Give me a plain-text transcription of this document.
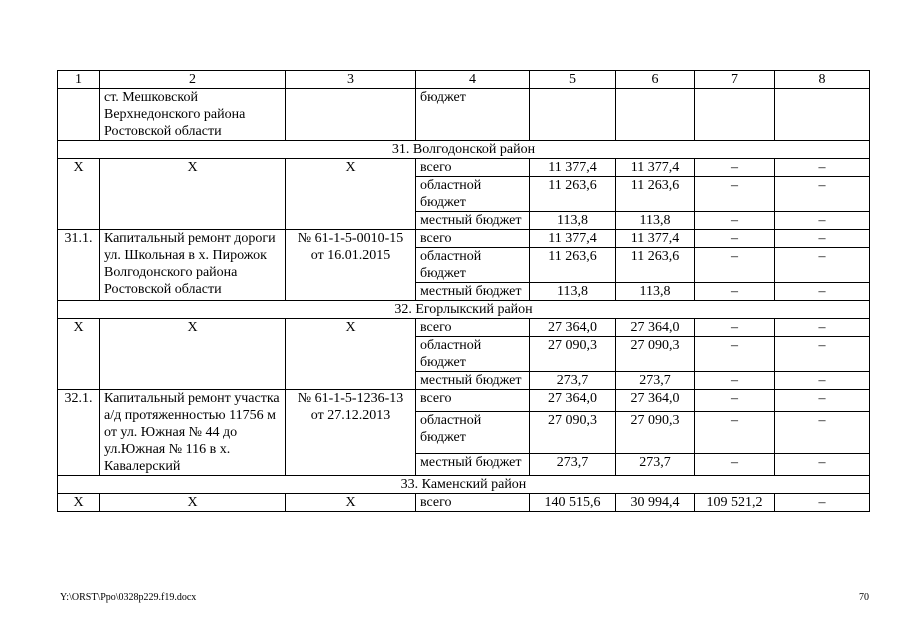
1	2	3	4	5	6	7	8
	ст. Мешковской Верхнедонского района Ростовской области		бюджет				
31. Волгодонской район							
Х	Х	Х	всего	11 377,4	11 377,4	–	–
			областной бюджет	11 263,6	11 263,6	–	–
			местный бюджет	113,8	113,8	–	–
31.1.	Капитальный ремонт дороги ул. Школьная в х. Пирожок Волгодонского района Ростовской области	№ 61-1-5-0010-15 от 16.01.2015	всего	11 377,4	11 377,4	–	–
			областной бюджет	11 263,6	11 263,6	–	–
			местный бюджет	113,8	113,8	–	–
32. Егорлыкский район							
Х	Х	Х	всего	27 364,0	27 364,0	–	–
			областной бюджет	27 090,3	27 090,3	–	–
			местный бюджет	273,7	273,7	–	–
32.1.	Капитальный ремонт участка а/д протяженностью 11756 м от ул. Южная № 44 до ул.Южная № 116 в х. Кавалерский	№ 61-1-5-1236-13 от 27.12.2013	всего	27 364,0	27 364,0	–	–
			областной бюджет	27 090,3	27 090,3	–	–
			местный бюджет	273,7	273,7	–	–
33. Каменский район							
Х	Х	Х	всего	140 515,6	30 994,4	109 521,2	–
Y:\ORST\Ppo\0328p229.f19.docx	70
